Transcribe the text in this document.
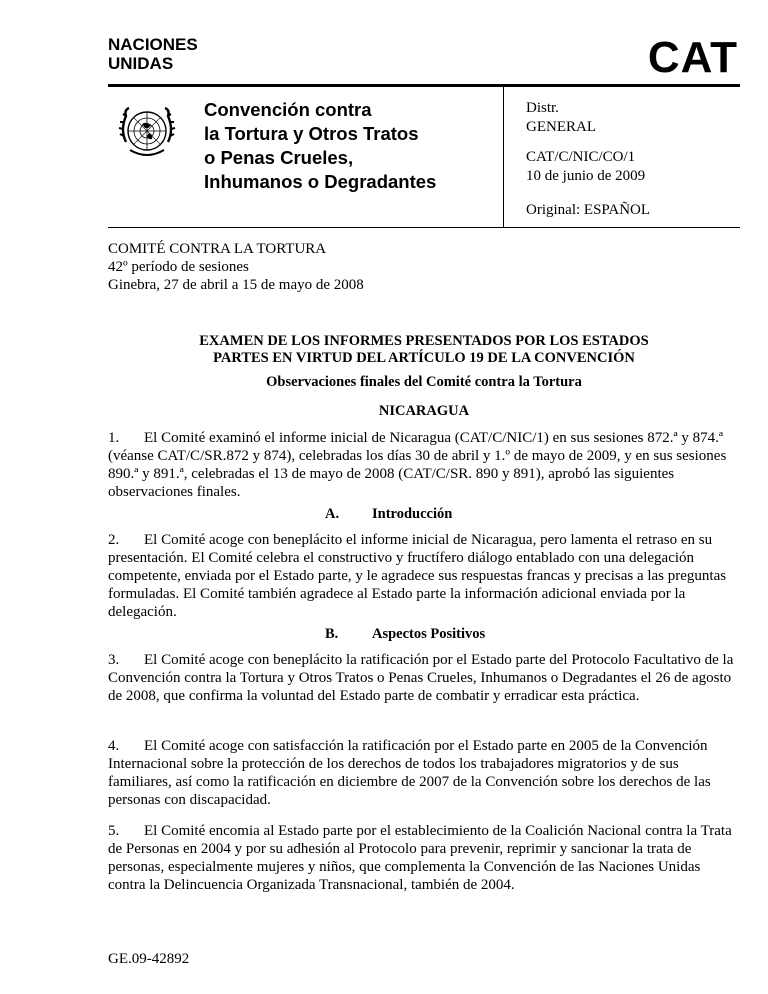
NACIONES
UNIDAS	CAT
Convención contra
la Tortura y Otros Tratos
o Penas Crueles,
Inhumanos o Degradantes
Distr.
GENERAL
CAT/C/NIC/CO/1
10 de junio de 2009
Original: ESPAÑOL
COMITÉ CONTRA LA TORTURA
42º período de sesiones
Ginebra, 27 de abril a 15 de mayo de 2008
EXAMEN DE LOS INFORMES PRESENTADOS POR LOS ESTADOS
PARTES EN VIRTUD DEL ARTÍCULO 19 DE LA CONVENCIÓN
Observaciones finales del Comité contra la Tortura
NICARAGUA
1. El Comité examinó el informe inicial de Nicaragua (CAT/C/NIC/1) en sus sesiones 872.ª y 874.ª (véanse CAT/C/SR.872 y 874), celebradas los días 30 de abril y 1.º de mayo de 2009, y en sus sesiones 890.ª y 891.ª, celebradas el 13 de mayo de 2008 (CAT/C/SR. 890 y 891), aprobó las siguientes observaciones finales.
A. Introducción
2. El Comité acoge con beneplácito el informe inicial de Nicaragua, pero lamenta el retraso en su presentación. El Comité celebra el constructivo y fructífero diálogo entablado con una delegación competente, enviada por el Estado parte, y le agradece sus respuestas francas y precisas a las preguntas formuladas. El Comité también agradece al Estado parte la información adicional enviada por la delegación.
B. Aspectos Positivos
3. El Comité acoge con beneplácito la ratificación por el Estado parte del Protocolo Facultativo de la Convención contra la Tortura y Otros Tratos o Penas Crueles, Inhumanos o Degradantes el 26 de agosto de 2008, que confirma la voluntad del Estado parte de combatir y erradicar esta práctica.
4. El Comité acoge con satisfacción la ratificación por el Estado parte en 2005 de la Convención Internacional sobre la protección de los derechos de todos los trabajadores migratorios y de sus familiares, así como la ratificación en diciembre de 2007 de la Convención sobre los derechos de las personas con discapacidad.
5. El Comité encomia al Estado parte por el establecimiento de la Coalición Nacional contra la Trata de Personas en 2004 y por su adhesión al Protocolo para prevenir, reprimir y sancionar la trata de personas, especialmente mujeres y niños, que complementa la Convención de las Naciones Unidas contra la Delincuencia Organizada Transnacional, también de 2004.
GE.09-42892
